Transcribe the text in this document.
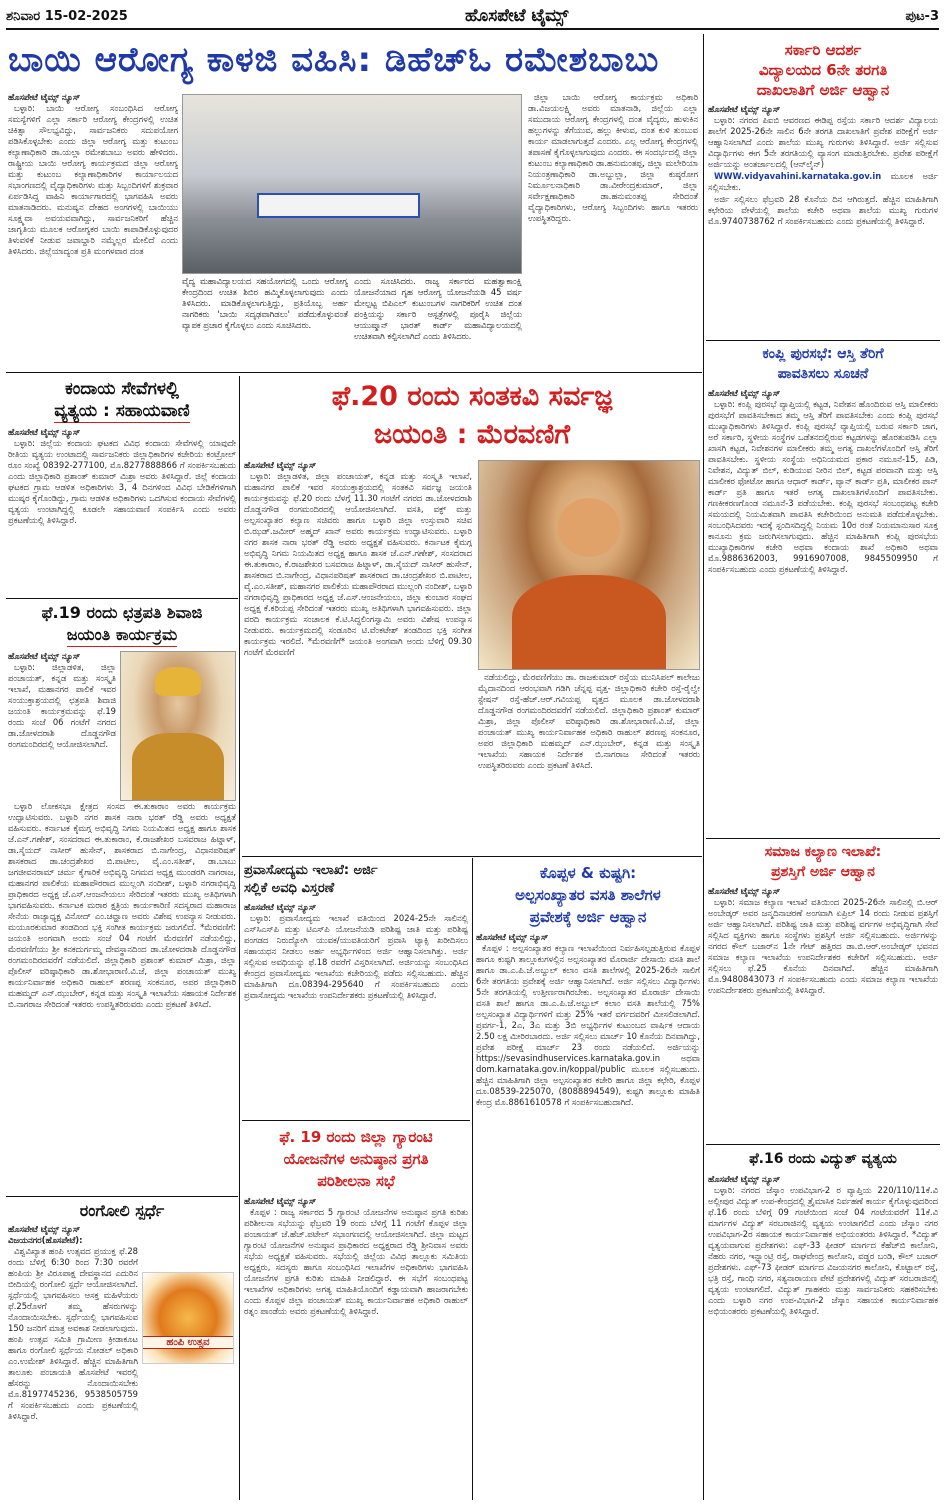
ಶನಿವಾರ 15-02-2025	ಹೊಸಪೇಟೆ ಟೈಮ್ಸ್	ಪುಟ-3
ಬಾಯಿ ಆರೋಗ್ಯ ಕಾಳಜಿ ವಹಿಸಿ: ಡಿಹೆಚ್‌ಓ ರಮೇಶಬಾಬು
ಹೊಸಪೇಟೆ ಟೈಮ್ಸ್ ನ್ಯೂಸ್

ಬಳ್ಳಾರಿ: ಬಾಯಿ ಆರೋಗ್ಯ ಸಂಬಂಧಿಸಿದ ಆರೋಗ್ಯ ಸಮಸ್ಯೆಗಳಿಗೆ ಎಲ್ಲಾ ಸರ್ಕಾರಿ ಆರೋಗ್ಯ ಕೇಂದ್ರಗಳಲ್ಲಿ ಉಚಿತ ಚಿಕಿತ್ಸಾ ಸೌಲಭ್ಯವಿದ್ದು, ಸಾರ್ವಜನಿಕರು ಸದುಪಯೋಗ ಪಡಿಸಿಕೊಳ್ಳಬೇಕು ಎಂದು ಜಿಲ್ಲಾ ಆರೋಗ್ಯ ಮತ್ತು ಕುಟುಂಬ ಕಲ್ಯಾಣಾಧಿಕಾರಿ ಡಾ.ಯಲ್ಲಾ ರಮೇಶಬಾಬು ಅವರು ಹೇಳಿದರು. ರಾಷ್ಟ್ರೀಯ ಬಾಯಿ ಆರೋಗ್ಯ ಕಾರ್ಯಕ್ರಮದ ಜಿಲ್ಲಾ ಆರೋಗ್ಯ ಮತ್ತು ಕುಟುಂಬ ಕಲ್ಯಾಣಾಧಿಕಾರಿಗಳ ಕಾರ್ಯಾಲಯದ ಸಭಾಂಗಣದಲ್ಲಿ ವೈದ್ಯಾಧಿಕಾರಿಗಳು ಮತ್ತು ಸಿಬ್ಬಂದಿಗಳಿಗೆ ಶುಕ್ರವಾರ ಏರ್ಪಡಿಸಿದ್ದ ವಾಹಿನಿ ಕಾರ್ಯಾಗಾರದಲ್ಲಿ ಭಾಗವಹಿಸಿ ಅವರು ಮಾತನಾಡಿದರು. ಮನುಷ್ಯನ ದೇಹದ ಅಂಗಗಳಲ್ಲಿ ಬಾಯಿಯು ಸೂಕ್ಷ್ಮವಾ ಅವಯವವಾಗಿದ್ದು, ಸಾರ್ವಜನಿಕರಿಗೆ ಹೆಚ್ಚಿನ ಜಾಗೃತಿಯ ಮೂಲಕ ಆರೋಗ್ಯಕರ ಬಾಯಿ ಕಾಪಾಡಿಕೊಳ್ಳುವುದರ ತಿಳುವಳಿಕೆ ನೀಡುವ ಜವಾಬ್ದಾರಿ ನಮ್ಮೆಲ್ಲರ ಮೇಲಿದೆ ಎಂದು ತಿಳಿಸಿದರು. ಜಿಲ್ಲೆಯಾದ್ಯಂತ ಪ್ರತಿ ಮಂಗಳವಾರ ದಂತ

ವೈದ್ಯ ಮಹಾವಿದ್ಯಾಲಯದ ಸಹಯೋಗದಲ್ಲಿ ಒಂದು ಆರೋಗ್ಯ ಕೇಂದ್ರದಿಂದ ಉಚಿತ ಶಿಬಿರ ಹಮ್ಮಿಕೊಳ್ಳಲಾಗುವುದು ಎಂದು ತಿಳಿಸಿದರು. ಮಾಡಿಕೊಳ್ಳಲಾಗುತ್ತಿದ್ದು, ಪ್ರತಿಯೊಬ್ಬ ಅರ್ಹ ನಾಗರಿಕರು 'ಬಾಯಿ ಸದೃಢವಾಗಿಡಲು' ಪಡೆದುಕೊಳ್ಳುವಂತೆ ವ್ಯಾಪಕ ಪ್ರಚಾರ ಕೈಗೊಳ್ಳಲು ಎಂದು ಸೂಚಿಸಿದರು.
ಎಂದು ಸೂಚಿಸಿದರು. ರಾಜ್ಯ ಸರ್ಕಾರದ ಮಹತ್ವಾಕಾಂಕ್ಷಿ ಯೋಜನೆಯಾದ ಗೃಹ ಆರೋಗ್ಯ ಯೋಜನೆಯಡಿ 45 ವರ್ಷ ಮೇಲ್ಪಟ್ಟ ಬಿಪಿಎಲ್ ಕುಟುಂಬಗಳ ನಾಗರಿಕರಿಗೆ ಉಚಿತ ದಂತ ಪಂಕ್ತಿಯನ್ನು ಸರ್ಕಾರಿ ಆಸ್ಪತ್ರೆಗಳಲ್ಲಿ ಪೂರೈಸಿ ಜಿಲ್ಲೆಯ ಆಯುಷ್ಮಾನ್ ಭಾರತ್ ಕಾರ್ಡ್ ಮಹಾವಿದ್ಯಾಲಯದಲ್ಲಿ ಉಚಿತವಾಗಿ ಕಲ್ಪಿಸಲಾಗಿದೆ ಎಂದು ತಿಳಿಸಿದರು.

ಜಿಲ್ಲಾ ಬಾಯಿ ಆರೋಗ್ಯ ಕಾರ್ಯಕ್ರಮ ಅಧಿಕಾರಿ ಡಾ.ವಿಜಯಲಕ್ಷ್ಮಿ ಅವರು ಮಾತನಾಡಿ, ಜಿಲ್ಲೆಯ ಎಲ್ಲಾ ಸಮುದಾಯ ಆರೋಗ್ಯ ಕೇಂದ್ರಗಳಲ್ಲಿ ದಂತ ವೈದ್ಯರು, ಹುಳುಕಿನ ಹಲ್ಲುಗಳನ್ನು ತೆಗೆಯುವ, ಹಲ್ಲು ಕೀಳುವ, ದಂತ ಕುಳಿ ತುಂಬುವ ಕಾರ್ಯ ಮಾಡಲಾಗುತ್ತದೆ ಎಂದರು. ಎಲ್ಲ ಆರೋಗ್ಯ ಕೇಂದ್ರಗಳಲ್ಲಿ ತಪಾಸಣೆ ಕೈಗೊಳ್ಳಲಾಗುವುದು ಎಂದರು. ಈ ಸಂದರ್ಭದಲ್ಲಿ ಜಿಲ್ಲಾ ಕುಟುಂಬ ಕಲ್ಯಾಣಾಧಿಕಾರಿ ಡಾ.ಹನುಮಂತಪ್ಪ, ಜಿಲ್ಲಾ ಮಲೇರಿಯಾ ನಿಯಂತ್ರಣಾಧಿಕಾರಿ ಡಾ.ಅಬ್ದುಲ್ಲಾ, ಜಿಲ್ಲಾ ಕುಷ್ಠರೋಗ ನಿರ್ಮೂಲನಾಧಿಕಾರಿ ಡಾ.ವೀರೇಂದ್ರಕುಮಾರ್, ಜಿಲ್ಲಾ ಸರ್ವೇಕ್ಷಣಾಧಿಕಾರಿ ಡಾ.ಹನುಮಂತಪ್ಪ ಸೇರಿದಂತೆ ವೈದ್ಯಾಧಿಕಾರಿಗಳು, ಆರೋಗ್ಯ ಸಿಬ್ಬಂದಿಗಳು ಹಾಗೂ ಇತರರು ಉಪಸ್ಥಿತರಿದ್ದರು.

ಕಂದಾಯ ಸೇವೆಗಳಲ್ಲಿ
ವ್ಯತ್ಯಯ : ಸಹಾಯವಾಣಿ
ಹೊಸಪೇಟೆ ಟೈಮ್ಸ್ ನ್ಯೂಸ್

ಬಳ್ಳಾರಿ: ಜಿಲ್ಲೆಯ ಕಂದಾಯ ಘಟಕದ ವಿವಿಧ ಕಂದಾಯ ಸೇವೆಗಳಲ್ಲಿ ಯಾವುದೇ ರೀತಿಯ ವ್ಯತ್ಯಯ ಉಂಟಾದಲ್ಲಿ ಸಾರ್ವಜನಿಕರು ಜಿಲ್ಲಾಧಿಕಾರಿಗಳ ಕಚೇರಿಯ ಕಂಟ್ರೋಲ್ ರೂಂ ಸಂಖ್ಯೆ 08392-277100, ಮೊ.8277888866 ಗೆ ಸಂಪರ್ಕಿಸಬಹುದು ಎಂದು ಜಿಲ್ಲಾಧಿಕಾರಿ ಪ್ರಶಾಂತ್ ಕುಮಾರ್ ಮಿಶ್ರಾ ಅವರು ತಿಳಿಸಿದ್ದಾರೆ. ಜಿಲ್ಲೆ ಕಂದಾಯ ಘಟಕದ ಗ್ರಾಮ ಆಡಳಿತ ಅಧಿಕಾರಿಗಳು 3, 4 ದಿನಗಳಿಂದ ವಿವಿಧ ಬೇಡಿಕೆಗಳಿಗಾಗಿ ಮುಷ್ಕರ ಕೈಗೊಂಡಿದ್ದು, ಗ್ರಾಮ ಆಡಳಿತ ಅಧಿಕಾರಿಗಳು ಒದಗಿಸುವ ಕಂದಾಯ ಸೇವೆಗಳಲ್ಲಿ ವ್ಯತ್ಯಯ ಉಂಟಾಗಿದ್ದಲ್ಲಿ ಕೂಡಲೇ ಸಹಾಯವಾಣಿ ಸಂಪರ್ಕಿಸಿ ಎಂದು ಅವರು ಪ್ರಕಟಣೆಯಲ್ಲಿ ತಿಳಿಸಿದ್ದಾರೆ.

ಫೆ.19 ರಂದು ಛತ್ರಪತಿ ಶಿವಾಜಿ
ಜಯಂತಿ ಕಾರ್ಯಕ್ರಮ
ಹೊಸಪೇಟೆ ಟೈಮ್ಸ್ ನ್ಯೂಸ್

ಬಳ್ಳಾರಿ: ಜಿಲ್ಲಾಡಳಿತ, ಜಿಲ್ಲಾ ಪಂಚಾಯತ್, ಕನ್ನಡ ಮತ್ತು ಸಂಸ್ಕೃತಿ ಇಲಾಖೆ, ಮಹಾನಗರ ಪಾಲಿಕೆ ಇವರ ಸಂಯುಕ್ತಾಶ್ರಯದಲ್ಲಿ ಛತ್ರಪತಿ ಶಿವಾಜಿ ಜಯಂತಿ ಕಾರ್ಯಕ್ರಮವನ್ನು ಫೆ.19 ರಂದು ಸಂಜೆ 06 ಗಂಟೆಗೆ ನಗರದ ಡಾ.ಜೋಳದರಾಶಿ ದೊಡ್ಡನಗೌಡ ರಂಗಮಂದಿರದಲ್ಲಿ ಆಯೋಜಿಸಲಾಗಿದೆ.

ಬಳ್ಳಾರಿ ಲೋಕಸಭಾ ಕ್ಷೇತ್ರದ ಸಂಸದ ಈ.ತುಕಾರಾಂ ಅವರು ಕಾರ್ಯಕ್ರಮ ಉದ್ಘಾಟಿಸುವರು. ಬಳ್ಳಾರಿ ನಗರ ಶಾಸಕ ನಾರಾ ಭರತ್ ರೆಡ್ಡಿ ಅವರು ಅಧ್ಯಕ್ಷತೆ ವಹಿಸುವರು. ಕರ್ನಾಟಕ ಕೈಮಗ್ಗ ಅಭಿವೃದ್ಧಿ ನಿಗಮ ನಿಯಮಿತದ ಅಧ್ಯಕ್ಷ ಹಾಗೂ ಶಾಸಕ ಜೆ.ಎನ್.ಗಣೇಶ್, ಸಂಸದರಾದ ಈ.ತುಕಾರಾಂ, ಕೆ.ರಾಜಶೇಖರ ಬಸವರಾಜ ಹಿಟ್ನಾಳ್, ಡಾ.ಸೈಯದ್ ನಾಸೀರ್ ಹುಸೇನ್, ಶಾಸಕರಾದ ಬಿ.ನಾಗೇಂದ್ರ, ವಿಧಾನಪರಿಷತ್ ಶಾಸಕರಾದ ಡಾ.ಚಂದ್ರಶೇಖರ ಬಿ.ಪಾಟೀಲ, ವೈ.ಎಂ.ಸತೀಶ್, ಡಾ.ಬಾಬು ಜಗಜೀವನರಾಮ್ ಚರ್ಮ ಕೈಗಾರಿಕೆ ಅಭಿವೃದ್ಧಿ ನಿಗಮದ ಅಧ್ಯಕ್ಷ ಮುಂಡರಗಿ ನಾಗರಾಜ, ಮಹಾನಗರ ಪಾಲಿಕೆಯ ಮಹಾಪೌರರಾದ ಮುಲ್ಲಂಗಿ ನಂದೀಶ್, ಬಳ್ಳಾರಿ ನಗರಾಭಿವೃದ್ಧಿ ಪ್ರಾಧಿಕಾರದ ಅಧ್ಯಕ್ಷ ಜೆ.ಎಸ್.ಆಂಜನೇಯಲು ಸೇರಿದಂತೆ ಇತರರು ಮುಖ್ಯ ಅತಿಥಿಗಳಾಗಿ ಭಾಗವಹಿಸುವರು. ಕರ್ನಾಟಕ ಮರಾಠ ಕ್ಷತ್ರಿಯ ಕಾರ್ಯಕಾರಿಣಿ ಸದಸ್ಯರಾದ ಮಹಾರಾಜ ಸೇನೆಯ ರಾಜ್ಯಾಧ್ಯಕ್ಷ ವಿನೋದ್ ಎಂ.ಚವ್ಹಾಣ ಅವರು ವಿಶೇಷ ಉಪನ್ಯಾಸ ನೀಡುವರು. ಮಯೂರಕುಮಾರ ತಂಡದಿಂದ ಭಕ್ತಿ ಸಂಗೀತ ಕಾರ್ಯಕ್ರಮ ಜರುಗಲಿದೆ. *ಮೆರವಣಿಗೆ: ಜಯಂತಿ ಅಂಗವಾಗಿ ಅಂದು ಸಂಜೆ 04 ಗಂಟೆಗೆ ಮೆರವಣಿಗೆ ನಡೆಯಲಿದ್ದು, ಮೆರವಣಿಗೆಯು ಶ್ರೀ ಕನಕದುರ್ಗಮ್ಮ ದೇವಸ್ಥಾನದಿಂದ ಡಾ.ಜೋಳದರಾಶಿ ದೊಡ್ಡನಗೌಡ ರಂಗಮಂದಿರದವರೆಗೆ ನಡೆಯಲಿದೆ. ಜಿಲ್ಲಾಧಿಕಾರಿ ಪ್ರಶಾಂತ್ ಕುಮಾರ್ ಮಿಶ್ರಾ, ಜಿಲ್ಲಾ ಪೊಲೀಸ್ ವರಿಷ್ಠಾಧಿಕಾರಿ ಡಾ.ಶೋಭಾರಾಣಿ.ವಿ.ಜೆ, ಜಿಲ್ಲಾ ಪಂಚಾಯತ್ ಮುಖ್ಯ ಕಾರ್ಯನಿರ್ವಾಹಕ ಅಧಿಕಾರಿ ರಾಹುಲ್ ಶರಣಪ್ಪ ಸಂಕನೂರ, ಅಪರ ಜಿಲ್ಲಾಧಿಕಾರಿ ಮಹಮ್ಮದ್ ಎನ್.ಝುಬೇರ್, ಕನ್ನಡ ಮತ್ತು ಸಂಸ್ಕೃತಿ ಇಲಾಖೆಯ ಸಹಾಯಕ ನಿರ್ದೇಶಕ ಬಿ.ನಾಗರಾಜ ಸೇರಿದಂತೆ ಇತರರು ಉಪಸ್ಥಿತರಿರುವರು ಎಂದು ಪ್ರಕಟಣೆ ತಿಳಿಸಿದೆ.

ರಂಗೋಲಿ ಸ್ಪರ್ಧೆ
ಹೊಸಪೇಟೆ ಟೈಮ್ಸ್ ನ್ಯೂಸ್
ವಿಜಯನಗರ(ಹೊಸಪೇಟೆ):

ವಿಶ್ವವಿಖ್ಯಾತ ಹಂಪಿ ಉತ್ಸವದ ಪ್ರಯುಕ್ತ ಫೆ.28 ರಂದು ಬೆಳಿಗ್ಗೆ 6:30 ರಿಂದ 7:30 ರವರೆಗೆ ಹಂಪಿಯ ಶ್ರೀ ವಿರೂಪಾಕ್ಷ ದೇವಸ್ಥಾನದ ಎದುರಿನ ಬೀದಿಯಲ್ಲಿ ರಂಗೋಲಿ ಸ್ಪರ್ಧೆ ಆಯೋಜಿಸಲಾಗಿದೆ. ಸ್ಪರ್ಧೆಯಲ್ಲಿ ಭಾಗವಹಿಸಲು ಆಸಕ್ತ ಮಹಿಳೆಯರು ಫೆ.25ರೊಳಗೆ ತಮ್ಮ ಹೆಸರುಗಳನ್ನು ನೊಂದಾಯಿಸಬೇಕು. ಸ್ಪರ್ಧೆಯಲ್ಲಿ ಭಾಗವಹಿಸುವ 150 ಜನರಿಗೆ ಮಾತ್ರ ಅವಕಾಶ ನೀಡಲಾಗುವುದು. ಹಂಪಿ ಉತ್ಸವ ಸಮಿತಿ ಗ್ರಾಮೀಣ ಕ್ರೀಡಾಕೂಟ ಹಾಗೂ ರಂಗೋಲಿ ಸ್ಪರ್ಧೆಯ ನೋಡಲ್ ಅಧಿಕಾರಿ ಎಂ.ಉಮೇಶ್ ತಿಳಿಸಿದ್ದಾರೆ. ಹೆಚ್ಚಿನ ಮಾಹಿತಿಗಾಗಿ ತಾಲೂಕು ಪಂಚಾಯತಿ ಹೊಸಪೇಟೆ ಇವರಲ್ಲಿ ಹೆಸರನ್ನು ನೊಂದಾಯಿಸಬೇಕು ಮೊ.8197745236, 9538505759 ಗೆ ಸಂಪರ್ಕಿಸಬಹುದು ಎಂದು ಪ್ರಕಟಣೆಯಲ್ಲಿ ತಿಳಿಸಿದ್ದಾರೆ.

ಹಂಪಿ ಉತ್ಸವ
ಫೆ.20 ರಂದು ಸಂತಕವಿ ಸರ್ವಜ್ಞ
ಜಯಂತಿ : ಮೆರವಣಿಗೆ
ಹೊಸಪೇಟೆ ಟೈಮ್ಸ್ ನ್ಯೂಸ್

ಬಳ್ಳಾರಿ: ಜಿಲ್ಲಾಡಳಿತ, ಜಿಲ್ಲಾ ಪಂಚಾಯತ್, ಕನ್ನಡ ಮತ್ತು ಸಂಸ್ಕೃತಿ ಇಲಾಖೆ, ಮಹಾನಗರ ಪಾಲಿಕೆ ಇವರ ಸಂಯುಕ್ತಾಶ್ರಯದಲ್ಲಿ ಸಂತಕವಿ ಸರ್ವಜ್ಞ ಜಯಂತಿ ಕಾರ್ಯಕ್ರಮವನ್ನು ಫೆ.20 ರಂದು ಬೆಳಗ್ಗೆ 11.30 ಗಂಟೆಗೆ ನಗರದ ಡಾ.ಜೋಳದರಾಶಿ ದೊಡ್ಡನಗೌಡ ರಂಗಮಂದಿರದಲ್ಲಿ ಆಯೋಜಿಸಲಾಗಿದೆ. ವಸತಿ, ವಕ್ಫ್ ಮತ್ತು ಅಲ್ಪಸಂಖ್ಯಾತರ ಕಲ್ಯಾಣ ಸಚಿವರು ಹಾಗೂ ಬಳ್ಳಾರಿ ಜಿಲ್ಲಾ ಉಸ್ತುವಾರಿ ಸಚಿವ ಬಿ.ಝಡ್.ಜಮೀರ್ ಅಹ್ಮದ್ ಖಾನ್ ಅವರು ಕಾರ್ಯಕ್ರಮ ಉದ್ಘಾಟಿಸುವರು. ಬಳ್ಳಾರಿ ನಗರ ಶಾಸಕ ನಾರಾ ಭರತ್ ರೆಡ್ಡಿ ಅವರು ಅಧ್ಯಕ್ಷತೆ ವಹಿಸುವರು. ಕರ್ನಾಟಕ ಕೈಮಗ್ಗ ಅಭಿವೃದ್ಧಿ ನಿಗಮ ನಿಯಮಿತದ ಅಧ್ಯಕ್ಷ ಹಾಗೂ ಶಾಸಕ ಜೆ.ಎನ್.ಗಣೇಶ್, ಸಂಸದರಾದ ಈ.ತುಕಾರಾಂ, ಕೆ.ರಾಜಶೇಖರ ಬಸವರಾಜ ಹಿಟ್ನಾಳ್, ಡಾ.ಸೈಯದ್ ನಾಸೀರ್ ಹುಸೇನ್, ಶಾಸಕರಾದ ಬಿ.ನಾಗೇಂದ್ರ, ವಿಧಾನಪರಿಷತ್ ಶಾಸಕರಾದ ಡಾ.ಚಂದ್ರಶೇಖರ ಬಿ.ಪಾಟೀಲ, ವೈ.ಎಂ.ಸತೀಶ್, ಮಹಾನಗರ ಪಾಲಿಕೆಯ ಮಹಾಪೌರರಾದ ಮುಲ್ಲಂಗಿ ನಂದೀಶ್, ಬಳ್ಳಾರಿ ನಗರಾಭಿವೃದ್ಧಿ ಪ್ರಾಧಿಕಾರದ ಅಧ್ಯಕ್ಷ ಜೆ.ಎಸ್.ಆಂಜನೇಯಲು, ಜಿಲ್ಲಾ ಕುಂಬಾರ ಸಂಘದ ಅಧ್ಯಕ್ಷ ಕೆ.ಕರಿಯಪ್ಪ ಸೇರಿದಂತೆ ಇತರರು ಮುಖ್ಯ ಅತಿಥಿಗಳಾಗಿ ಭಾಗವಹಿಸುವರು. ಜಿಲ್ಲಾ ವರದಿ ಕಾರ್ಯಕ್ರಮ ಸಂಚಾಲಕ ಕೆ.ಟಿ.ಸಿದ್ಧಲಿಂಗಸ್ವಾಮಿ ಅವರು ವಿಶೇಷ ಉಪನ್ಯಾಸ ನೀಡುವರು. ಕಾರ್ಯಕ್ರಮದಲ್ಲಿ ಸಂಡೂರಿನ ಟಿ.ವೆಂಕಟೇಶ್ ತಂಡದಿಂದ ಭಕ್ತಿ ಸಂಗೀತ ಕಾರ್ಯಕ್ರಮ ಇರಲಿದೆ. *ಮೆರವಣಿಗೆ* ಜಯಂತಿ ಅಂಗವಾಗಿ ಅಂದು ಬೆಳಿಗ್ಗೆ 09.30 ಗಂಟೆಗೆ ಮೆರವಣಿಗೆ

ನಡೆಯಲಿದ್ದು, ಮೆರವಣಿಗೆಯು ಡಾ. ರಾಜಕುಮಾರ್ ರಸ್ತೆಯ ಮುನಿಸಿಪಲ್ ಕಾಲೇಜು ಮೈದಾನದಿಂದ ಆರಂಭವಾಗಿ ಗಡಿಗಿ ಚೆನ್ನಪ್ಪ ವೃತ್ತ- ಜಿಲ್ಲಾಧಿಕಾರಿ ಕಚೇರಿ ರಸ್ತೆ-ರೈಲ್ವೇ ಸ್ಟೇಷನ್ ರಸ್ತೆ-ಹೆಚ್.ಆರ್.ಗವಿಯಪ್ಪ ವೃತ್ತದ ಮೂಲಕ ಡಾ.ಜೋಳದರಾಶಿ ದೊಡ್ಡನಗೌಡ ರಂಗಮಂದಿರದವರೆಗೆ ನಡೆಯಲಿದೆ. ಜಿಲ್ಲಾಧಿಕಾರಿ ಪ್ರಶಾಂತ್ ಕುಮಾರ್ ಮಿಶ್ರಾ, ಜಿಲ್ಲಾ ಪೊಲೀಸ್ ವರಿಷ್ಠಾಧಿಕಾರಿ ಡಾ.ಶೋಭಾರಾಣಿ.ವಿ.ಜೆ, ಜಿಲ್ಲಾ ಪಂಚಾಯತ್ ಮುಖ್ಯ ಕಾರ್ಯನಿರ್ವಾಹಕ ಅಧಿಕಾರಿ ರಾಹುಲ್ ಶರಣಪ್ಪ ಸಂಕನೂರ, ಅಪರ ಜಿಲ್ಲಾಧಿಕಾರಿ ಮಹಮ್ಮದ್ ಎನ್.ಝುಬೇರ್, ಕನ್ನಡ ಮತ್ತು ಸಂಸ್ಕೃತಿ ಇಲಾಖೆಯ ಸಹಾಯಕ ನಿರ್ದೇಶಕ ಬಿ.ನಾಗರಾಜ ಸೇರಿದಂತೆ ಇತರರು ಉಪಸ್ಥಿತರಿರುವರು ಎಂದು ಪ್ರಕಟಣೆ ತಿಳಿಸಿದೆ.

ಪ್ರವಾಸೋದ್ಯಮ ಇಲಾಖೆ: ಅರ್ಜಿ
ಸಲ್ಲಿಕೆ ಅವಧಿ ವಿಸ್ತರಣೆ
ಹೊಸಪೇಟೆ ಟೈಮ್ಸ್ ನ್ಯೂಸ್

ಬಳ್ಳಾರಿ: ಪ್ರವಾಸೋದ್ಯಮ ಇಲಾಖೆ ವತಿಯಿಂದ 2024-25ನೇ ಸಾಲಿನಲ್ಲಿ ಎಸ್‌ಸಿಎಸ್‌ಪಿ ಮತ್ತು ಟಿಎಸ್‌ಪಿ ಯೋಜನೆಯಡಿ ಪರಿಶಿಷ್ಟ ಜಾತಿ ಮತ್ತು ಪರಿಶಿಷ್ಟ ಪಂಗಡದ ನಿರುದ್ಯೋಗಿ ಯುವಕ/ಯುವತಿಯರಿಗೆ ಪ್ರವಾಸಿ ಟ್ಯಾಕ್ಸಿ ಖರೀದಿಸಲು ಸಹಾಯಧನ ನೀಡಲು ಅರ್ಹ ಅಭ್ಯರ್ಥಿಗಳಿಂದ ಅರ್ಜಿ ಆಹ್ವಾನಿಸಲಾಗಿತ್ತು. ಅರ್ಜಿ ಸಲ್ಲಿಸುವ ಅವಧಿಯನ್ನು ಫೆ.18 ರವರೆಗೆ ವಿಸ್ತರಿಸಲಾಗಿದೆ. ಅರ್ಜಿಯನ್ನು ಸಂಬಂಧಿಸಿದ ಕೇಂದ್ರದ ಪ್ರವಾಸೋದ್ಯಮ ಇಲಾಖೆಯ ಕಚೇರಿಯಲ್ಲಿ ಪಡೆದು ಸಲ್ಲಿಸಬಹುದು. ಹೆಚ್ಚಿನ ಮಾಹಿತಿಗಾಗಿ ದೂ.08394-295640 ಗೆ ಸಂಪರ್ಕಿಸಬಹುದು ಎಂದು ಪ್ರವಾಸೋದ್ಯಮ ಇಲಾಖೆಯ ಉಪನಿರ್ದೇಶಕರು ಪ್ರಕಟಣೆಯಲ್ಲಿ ತಿಳಿಸಿದ್ದಾರೆ.

ಫೆ. 19 ರಂದು ಜಿಲ್ಲಾ ಗ್ಯಾರಂಟಿ
ಯೋಜನೆಗಳ ಅನುಷ್ಠಾನ ಪ್ರಗತಿ
ಪರಿಶೀಲನಾ ಸಭೆ
ಹೊಸಪೇಟೆ ಟೈಮ್ಸ್ ನ್ಯೂಸ್

ಕೊಪ್ಪಳ : ರಾಜ್ಯ ಸರ್ಕಾರದ 5 ಗ್ಯಾರಂಟಿ ಯೋಜನೆಗಳ ಅನುಷ್ಠಾನ ಪ್ರಗತಿ ಕುರಿತು ಪರಿಶೀಲನಾ ಸಭೆಯನ್ನು ಫೆಬ್ರವರಿ 19 ರಂದು ಬೆಳಿಗ್ಗೆ 11 ಗಂಟೆಗೆ ಕೊಪ್ಪಳ ಜಿಲ್ಲಾ ಪಂಚಾಯತ್ ಜೆ.ಹೆಚ್.ಪಟೇಲ್ ಸಭಾಂಗಣದಲ್ಲಿ ಆಯೋಜಿಸಲಾಗಿದೆ. ಜಿಲ್ಲಾ ಮಟ್ಟದ ಗ್ಯಾರಂಟಿ ಯೋಜನೆಗಳ ಅನುಷ್ಠಾನ ಪ್ರಾಧಿಕಾರದ ಅಧ್ಯಕ್ಷರಾದ ರೆಡ್ಡಿ ಶ್ರೀನಿವಾಸ ಅವರು ಸಭೆಯ ಅಧ್ಯಕ್ಷತೆ ವಹಿಸುವರು. ಸಭೆಯಲ್ಲಿ ಜಿಲ್ಲೆಯ ವಿವಿಧ ತಾಲ್ಲೂಕು ಸಮಿತಿಯ ಅಧ್ಯಕ್ಷರು, ಸದಸ್ಯರು ಹಾಗೂ ಸಂಬಂಧಿಸಿದ ಇಲಾಖೆಗಳ ಅಧಿಕಾರಿಗಳು ಭಾಗವಹಿಸಿ ಯೋಜನೆಗಳ ಪ್ರಗತಿ ಕುರಿತು ಮಾಹಿತಿ ನೀಡಲಿದ್ದಾರೆ. ಈ ಸಭೆಗೆ ಸಂಬಂಧಪಟ್ಟ ಇಲಾಖೆಗಳ ಅಧಿಕಾರಿಗಳು ಅಗತ್ಯ ಮಾಹಿತಿಯೊಂದಿಗೆ ಕಡ್ಡಾಯವಾಗಿ ಹಾಜರಾಗಬೇಕು ಎಂದು ಕೊಪ್ಪಳ ಜಿಲ್ಲಾ ಪಂಚಾಯತ್ ಮುಖ್ಯ ಕಾರ್ಯನಿರ್ವಾಹಕ ಅಧಿಕಾರಿ ರಾಹುಲ್ ರತ್ನಂ ಪಾಂಡೆಯ ಅವರು ಪ್ರಕಟಣೆಯಲ್ಲಿ ತಿಳಿಸಿದ್ದಾರೆ.

ಕೊಪ್ಪಳ & ಕುಷ್ಟಗಿ:
ಅಲ್ಪಸಂಖ್ಯಾತರ ವಸತಿ ಶಾಲೆಗಳ
ಪ್ರವೇಶಕ್ಕೆ ಅರ್ಜಿ ಆಹ್ವಾನ
ಹೊಸಪೇಟೆ ಟೈಮ್ಸ್ ನ್ಯೂಸ್

ಕೊಪ್ಪಳ : ಅಲ್ಪಸಂಖ್ಯಾತರ ಕಲ್ಯಾಣ ಇಲಾಖೆಯಿಂದ ನಿರ್ವಹಿಸಲ್ಪಡುತ್ತಿರುವ ಕೊಪ್ಪಳ ಹಾಗೂ ಕುಷ್ಟಗಿ ತಾಲ್ಲೂಕುಗಳಲ್ಲಿನ ಅಲ್ಪಸಂಖ್ಯಾತರ ಮೊರಾರ್ಜಿ ದೇಸಾಯಿ ವಸತಿ ಶಾಲೆ ಹಾಗೂ ಡಾ.ಎ.ಪಿ.ಜೆ.ಅಬ್ದುಲ್ ಕಲಾಂ ವಸತಿ ಶಾಲೆಗಳಲ್ಲಿ 2025-26ನೇ ಸಾಲಿಗೆ 6ನೇ ತರಗತಿಯ ಪ್ರವೇಶಕ್ಕೆ ಅರ್ಜಿ ಆಹ್ವಾನಿಸಲಾಗಿದೆ. ಅರ್ಜಿ ಸಲ್ಲಿಸಲು ವಿದ್ಯಾರ್ಥಿಗಳು 5ನೇ ತರಗತಿಯಲ್ಲಿ ಉತ್ತೀರ್ಣರಾಗಿರಬೇಕು. ಅಲ್ಪಸಂಖ್ಯಾತರ ಮೊರಾರ್ಜಿ ದೇಸಾಯಿ ವಸತಿ ಶಾಲೆ ಹಾಗೂ ಡಾ.ಎ.ಪಿ.ಜೆ.ಅಬ್ದುಲ್ ಕಲಾಂ ವಸತಿ ಶಾಲೆಯಲ್ಲಿ 75% ಅಲ್ಪಸಂಖ್ಯಾತ ವಿದ್ಯಾರ್ಥಿಗಳಿಗೆ ಮತ್ತು 25% ಇತರೆ ವರ್ಗದವರಿಗೆ ಮೀಸಲಿಡಲಾಗಿದೆ. ಪ್ರವರ್ಗ-1, 2ಎ, 3ಎ ಮತ್ತು 3ಬಿ ಅಭ್ಯರ್ಥಿಗಳ ಕುಟುಂಬದ ವಾರ್ಷಿಕ ಆದಾಯ 2.50 ಲಕ್ಷ ಮೀರಿರಬಾರದು. ಅರ್ಜಿ ಸಲ್ಲಿಸಲು ಮಾರ್ಚ್ 10 ಕೊನೆಯ ದಿನವಾಗಿದ್ದು, ಪ್ರವೇಶ ಪರೀಕ್ಷೆ ಮಾರ್ಚ್ 23 ರಂದು ನಡೆಯಲಿದೆ. ಅರ್ಜಿಯನ್ನು https://sevasindhuservices.karnataka.gov.in ಅಥವಾ dom.karnataka.gov.in/koppal/public ಮೂಲಕ ಸಲ್ಲಿಸಬಹುದು. ಹೆಚ್ಚಿನ ಮಾಹಿತಿಗಾಗಿ ಜಿಲ್ಲಾ ಅಲ್ಪಸಂಖ್ಯಾತರ ಕಚೇರಿ ಹಾಗೂ ಜಿಲ್ಲಾ ಕಛೇರಿ, ಕೊಪ್ಪಳ ದೂ.08539-225070, (8088894549), ಕುಷ್ಟಗಿ ತಾಲ್ಲೂಕು ಮಾಹಿತಿ ಕೇಂದ್ರ ಮೊ.8861610578 ಗೆ ಸಂಪರ್ಕಿಸಬಹುದಾಗಿದೆ.

ಸರ್ಕಾರಿ ಆದರ್ಶ
ವಿದ್ಯಾಲಯದ 6ನೇ ತರಗತಿ
ದಾಖಲಾತಿಗೆ ಅರ್ಜಿ ಆಹ್ವಾನ
ಹೊಸಪೇಟೆ ಟೈಮ್ಸ್ ನ್ಯೂಸ್

ಬಳ್ಳಾರಿ: ನಗರದ ಪಿಐಬಿ ಆವರಣದ ಈಡಿಪ್ಪ ರಸ್ತೆಯ ಸರ್ಕಾರಿ ಆದರ್ಶ ವಿದ್ಯಾಲಯ ಶಾಲೆಗೆ 2025-26ನೇ ಸಾಲಿನ 6ನೇ ತರಗತಿ ದಾಖಲಾತಿಗೆ ಪ್ರವೇಶ ಪರೀಕ್ಷೆಗೆ ಅರ್ಜಿ ಆಹ್ವಾನಿಸಲಾಗಿದೆ ಎಂದು ಶಾಲೆಯ ಮುಖ್ಯ ಗುರುಗಳು ತಿಳಿಸಿದ್ದಾರೆ. ಅರ್ಜಿ ಸಲ್ಲಿಸುವ ವಿದ್ಯಾರ್ಥಿಗಳು ಈಗ 5ನೇ ತರಗತಿಯಲ್ಲಿ ವ್ಯಾಸಂಗ ಮಾಡುತ್ತಿರಬೇಕು. ಪ್ರವೇಶ ಪರೀಕ್ಷೆಗೆ ಅರ್ಜಿಯನ್ನು ಅಂತರ್ಜಾಲದಲ್ಲಿ (ಆನ್‌ಲೈನ್)

WWW.vidyavahini.karnataka.gov.in ಮೂಲಕ ಅರ್ಜಿ ಸಲ್ಲಿಸಬೇಕು.

ಅರ್ಜಿ ಸಲ್ಲಿಸಲು ಫೆಬ್ರವರಿ 28 ಕೊನೆಯ ದಿನ ಆಗಿರುತ್ತದೆ. ಹೆಚ್ಚಿನ ಮಾಹಿತಿಗಾಗಿ ಕಛೇರಿಯ ವೇಳೆಯಲ್ಲಿ ಶಾಲೆಯ ಕಚೇರಿ ಅಥವಾ ಶಾಲೆಯ ಮುಖ್ಯ ಗುರುಗಳ ಮೊ.9740738762 ಗೆ ಸಂಪರ್ಕಿಸಬಹುದು ಎಂದು ಪ್ರಕಟಣೆಯಲ್ಲಿ ತಿಳಿಸಿದ್ದಾರೆ.

ಕಂಪ್ಲಿ ಪುರಸಭೆ: ಆಸ್ತಿ ತೆರಿಗೆ
ಪಾವತಿಸಲು ಸೂಚನೆ
ಹೊಸಪೇಟೆ ಟೈಮ್ಸ್ ನ್ಯೂಸ್

ಬಳ್ಳಾರಿ: ಕಂಪ್ಲಿ ಪುರಸಭೆ ವ್ಯಾಪ್ತಿಯಲ್ಲಿ ಕಟ್ಟಡ, ನಿವೇಶನ ಹೊಂದಿರುವ ಆಸ್ತಿ ಮಾಲೀಕರು ಪುರಸಭೆಗೆ ಪಾವತಿಸಬೇಕಾದ ತಮ್ಮ ಆಸ್ತಿ ತೆರಿಗೆ ಪಾವತಿಸಬೇಕು ಎಂದು ಕಂಪ್ಲಿ ಪುರಸಭೆ ಮುಖ್ಯಾಧಿಕಾರಿಗಳು ತಿಳಿಸಿದ್ದಾರೆ. ಕಂಪ್ಲಿ ಪುರಸಭೆ ವ್ಯಾಪ್ತಿಯಲ್ಲಿ ಬರುವ ಸರ್ಕಾರಿ ಜಾಗ, ಅರೆ ಸರ್ಕಾರಿ, ಸ್ಥಳೀಯ ಸಂಸ್ಥೆಗಳ ಒಡೆತನದಲ್ಲಿರುವ ಕಟ್ಟಡಗಳನ್ನು ಹೊರತುಪಡಿಸಿ ಎಲ್ಲಾ ಖಾಸಗಿ ಕಟ್ಟಡ, ನಿವೇಶನಗಳ ಮಾಲೀಕರು ತಮ್ಮ ಅಗತ್ಯ ದಾಖಲೆಗಳೊಂದಿಗೆ ಆಸ್ತಿ ತೆರಿಗೆ ಪಾವತಿಸಬೇಕು. ಸ್ಥಳೀಯ ಸಂಸ್ಥೆಯ ಅಧಿನಿಯಮದ ಪ್ರಕಾರ ನಮೂನೆ-15, ಪಿಡಿ, ನಿವೇಶನ, ವಿದ್ಯುತ್ ಬಿಲ್, ಕುಡಿಯುವ ನೀರಿನ ಬಿಲ್, ಕಟ್ಟಡ ಪರವಾನಗಿ ಮತ್ತು ಆಸ್ತಿ ಮಾಲೀಕರ ಫೋಟೋ ಹಾಗೂ ಆಧಾರ್ ಕಾರ್ಡ್, ಪ್ಯಾನ್ ಕಾರ್ಡ್ ಪ್ರತಿ, ಮಾಲೀಕರ ಪಾನ್ ಕಾರ್ಡ್ ಪ್ರತಿ ಹಾಗೂ ಇತರೆ ಅಗತ್ಯ ದಾಖಲಾತಿಗಳೊಂದಿಗೆ ಪಾವತಿಸಬೇಕು. ಗಣಕೀಕರಣಗೊಂಡ ನಮೂನೆ-3 ಪಡೆಯಬೇಕು. ಕಂಪ್ಲಿ ಪುರಸಭೆ ಸಂಬಂಧಪಟ್ಟ ಕಚೇರಿ ಸಮಯದಲ್ಲಿ ನಿಯಮಿತವಾಗಿ ಪಾವತಿಸಿ ಕಚೇರಿಯಿಂದ ಅನುಮತಿ ಪಡೆದುಕೊಳ್ಳಬೇಕು. ಸಂಬಂಧಿಸಿದವರು ಇದಕ್ಕೆ ಸ್ಪಂದಿಸದಿದ್ದಲ್ಲಿ ನಿಯಮ 10ರ ರಂತೆ ನಿಯಮಾನುಸಾರ ಸೂಕ್ತ ಕಾನೂನು ಕ್ರಮ ಜರುಗಿಸಲಾಗುವುದು. ಹೆಚ್ಚಿನ ಮಾಹಿತಿಗಾಗಿ ಕಂಪ್ಲಿ ಪುರಸಭೆಯ ಮುಖ್ಯಾಧಿಕಾರಿಗಳ ಕಚೇರಿ ಅಥವಾ ಕಂದಾಯ ಶಾಖೆ ಅಧಿಕಾರಿ ಅಥವಾ ಮೊ.9886362003, 9916907008, 9845509950 ಗೆ ಸಂಪರ್ಕಿಸಬಹುದು ಎಂದು ಪ್ರಕಟಣೆಯಲ್ಲಿ ತಿಳಿಸಿದ್ದಾರೆ.

ಸಮಾಜ ಕಲ್ಯಾಣ ಇಲಾಖೆ:
ಪ್ರಶಸ್ತಿಗೆ ಅರ್ಜಿ ಆಹ್ವಾನ
ಹೊಸಪೇಟೆ ಟೈಮ್ಸ್ ನ್ಯೂಸ್

ಬಳ್ಳಾರಿ: ಸಮಾಜ ಕಲ್ಯಾಣ ಇಲಾಖೆ ವತಿಯಿಂದ 2025-26ನೇ ಸಾಲಿನಲ್ಲಿ ಬಿ.ಆರ್ ಅಂಬೇಡ್ಕರ್ ಅವರ ಜನ್ಮದಿನಾಚರಣೆ ಅಂಗವಾಗಿ ಏಪ್ರಿಲ್ 14 ರಂದು ನೀಡುವ ಪ್ರಶಸ್ತಿಗೆ ಅರ್ಜಿ ಆಹ್ವಾನಿಸಲಾಗಿದೆ. ಪರಿಶಿಷ್ಟ ಜಾತಿ ಮತ್ತು ಪರಿಶಿಷ್ಟ ವರ್ಗಗಳ ಅಭಿವೃದ್ಧಿಗಾಗಿ ಸೇವೆ ಸಲ್ಲಿಸಿದ ವ್ಯಕ್ತಿಗಳು ಹಾಗೂ ಸಂಸ್ಥೆಗಳು ಪ್ರಶಸ್ತಿಗೆ ಅರ್ಜಿ ಸಲ್ಲಿಸಬಹುದು. ಅರ್ಜಿಗಳನ್ನು ನಗರದ ಕೌಲ್ ಬಜಾರ್‌ನ 1ನೇ ಗೇಟ್ ಹತ್ತಿರದ ಡಾ.ಬಿ.ಆರ್.ಅಂಬೇಡ್ಕರ್ ಭವನದ ಸಮಾಜ ಕಲ್ಯಾಣ ಇಲಾಖೆಯ ಉಪನಿರ್ದೇಶಕರ ಕಚೇರಿಗೆ ಸಲ್ಲಿಸಬಹುದು. ಅರ್ಜಿ ಸಲ್ಲಿಸಲು ಫೆ.25 ಕೊನೆಯ ದಿನವಾಗಿದೆ. ಹೆಚ್ಚಿನ ಮಾಹಿತಿಗಾಗಿ ಮೊ.9480843073 ಗೆ ಸಂಪರ್ಕಿಸಬಹುದು ಎಂದು ಸಮಾಜ ಕಲ್ಯಾಣ ಇಲಾಖೆಯ ಉಪನಿರ್ದೇಶಕರು ಪ್ರಕಟಣೆಯಲ್ಲಿ ತಿಳಿಸಿದ್ದಾರೆ.

ಫೆ.16 ರಂದು ವಿದ್ಯುತ್ ವ್ಯತ್ಯಯ
ಹೊಸಪೇಟೆ ಟೈಮ್ಸ್ ನ್ಯೂಸ್

ಬಳ್ಳಾರಿ: ನಗರದ ಜೆಸ್ಕಾಂ ಉಪವಿಭಾಗ-2 ರ ವ್ಯಾಪ್ತಿಯ 220/110/11ಕೆ.ವಿ ಅಲ್ಲೀಪುರ ವಿದ್ಯುತ್ ಉಪ-ಕೇಂದ್ರದಲ್ಲಿ ತ್ರೈಮಾಸಿಕ ನಿರ್ವಹಣೆ ಕಾರ್ಯ ಕೈಗೊಳ್ಳುವುದರಿಂದ ಫೆ.16 ರಂದು ಬೆಳಿಗ್ಗೆ 09 ಗಂಟೆಯಿಂದ ಸಂಜೆ 04 ಗಂಟೆಯವರೆಗೆ 11ಕೆ.ವಿ ಮಾರ್ಗಗಳ ವಿದ್ಯುತ್ ಸರಬರಾಜಿನಲ್ಲಿ ವ್ಯತ್ಯಯ ಉಂಟಾಗಲಿದೆ ಎಂದು ಜೆಸ್ಕಾಂ ನಗರ ಉಪವಿಭಾಗ-2ರ ಸಹಾಯಕ ಕಾರ್ಯನಿರ್ವಾಹಕ ಅಭಿಯಂತರರು ತಿಳಿಸಿದ್ದಾರೆ. *ವಿದ್ಯುತ್ ವ್ಯತ್ಯಯವಾಗುವ ಪ್ರದೇಶಗಳು: ಎಫ್-33 ಫೀಡರ್ ಮಾರ್ಗದ ಕೆಹೆಚ್‌ಬಿ ಕಾಲೋನಿ, ನೆಹರು ನಗರ, ಇನ್ಫ್ಯಾಂಟ್ರಿ ರಸ್ತೆ, ರಾಘವೇಂದ್ರ ಕಾಲೋನಿ, ವಡ್ಡರ ಬಂಡಿ, ಕೌಲ್ ಬಜಾರ್ ಪ್ರದೇಶಗಳು. ಎಫ್-73 ಫೀಡರ್ ಮಾರ್ಗದ ವಿಜಯನಗರ ಕಾಲೋನಿ, ಕೊಟ್ಟಾಲ್ ರಸ್ತೆ, ಭತ್ರಿ ರಸ್ತೆ, ಗಾಂಧಿ ನಗರ, ಸತ್ಯನಾರಾಯಣ ಪೇಟೆ ಪ್ರದೇಶಗಳಲ್ಲಿ ವಿದ್ಯುತ್ ಸರಬರಾಜಿನಲ್ಲಿ ವ್ಯತ್ಯಯ ಉಂಟಾಗಲಿದೆ. ವಿದ್ಯುತ್ ಗ್ರಾಹಕರು ಮತ್ತು ಸಾರ್ವಜನಿಕರು ಸಹಕರಿಸಬೇಕು ಎಂದು ಬಳ್ಳಾರಿ ನಗರ ಉಪ-ವಿಭಾಗ-2 ಜೆಸ್ಕಾಂ ಸಹಾಯಕ ಕಾರ್ಯನಿರ್ವಾಹಕ ಅಭಿಯಂತರರು ಪ್ರಕಟಣೆಯಲ್ಲಿ ತಿಳಿಸಿದ್ದಾರೆ.
